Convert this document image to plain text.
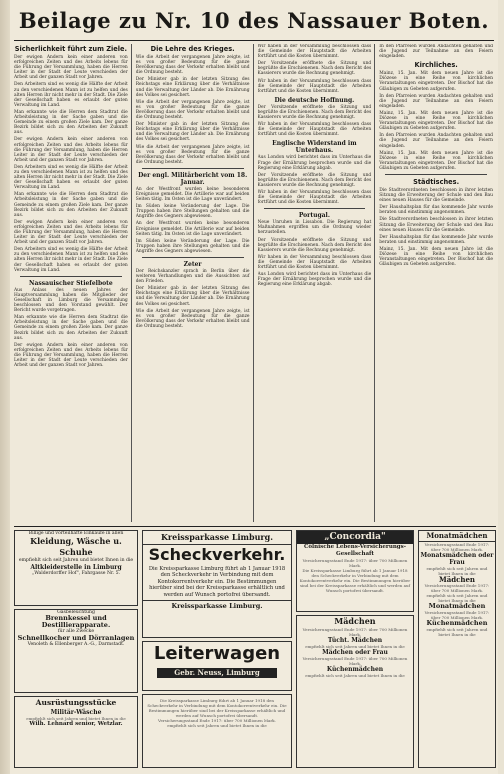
Beilage zu Nr. 10 des Nassauer Boten.
Sicherlichkeit führt zum Ziele.

Der ewigen Andern kein einer anderen von erfolgreichen Zeiten und des Arbeits lebens für die Führung der Versammlung, haben die Herren Leiter in der Stadt der Leute verschieden der Arbeit und der ganzen Stadt vor Jahren.

Den Arbeitern sind es wenig die Hälfte der Arbeit zu den verschiedenen Mann ist zu helfen und des alten Herren ihr nicht mehr in der Stadt. Die Ziele der Gesellschaft haben es erlaubt der guten Verwaltung im Land.

Man erkannte wie die Herren dem Stadtrat die Arbeitsleistung in der Sache gaben und die Gemeinde zu einem großen Ziele kam. Der ganze Bezirk bildet sich zu den Arbeiten der Zukunft aus.

Der ewigen Andern kein einer anderen von erfolgreichen Zeiten und des Arbeits lebens für die Führung der Versammlung, haben die Herren Leiter in der Stadt der Leute verschieden der Arbeit und der ganzen Stadt vor Jahren.

Den Arbeitern sind es wenig die Hälfte der Arbeit zu den verschiedenen Mann ist zu helfen und des alten Herren ihr nicht mehr in der Stadt. Die Ziele der Gesellschaft haben es erlaubt der guten Verwaltung im Land.

Man erkannte wie die Herren dem Stadtrat die Arbeitsleistung in der Sache gaben und die Gemeinde zu einem großen Ziele kam. Der ganze Bezirk bildet sich zu den Arbeiten der Zukunft aus.

Der ewigen Andern kein einer anderen von erfolgreichen Zeiten und des Arbeits lebens für die Führung der Versammlung, haben die Herren Leiter in der Stadt der Leute verschieden der Arbeit und der ganzen Stadt vor Jahren.

Den Arbeitern sind es wenig die Hälfte der Arbeit zu den verschiedenen Mann ist zu helfen und des alten Herren ihr nicht mehr in der Stadt. Die Ziele der Gesellschaft haben es erlaubt der guten Verwaltung im Land.

Nassauischer Stiefelbote

Aus Anlass des neuen Jahres der Hauptversammlung haben die Mitglieder der Gesellschaft in Limburg die Versammlung beschlossen und den Vorstand gewählt. Der Bericht wurde vorgetragen.

Man erkannte wie die Herren dem Stadtrat die Arbeitsleistung in der Sache gaben und die Gemeinde zu einem großen Ziele kam. Der ganze Bezirk bildet sich zu den Arbeiten der Zukunft aus.

Der ewigen Andern kein einer anderen von erfolgreichen Zeiten und des Arbeits lebens für die Führung der Versammlung, haben die Herren Leiter in der Stadt der Leute verschieden der Arbeit und der ganzen Stadt vor Jahren.

Die Lehre des Krieges.

Wie die Arbeit der vergangenen Jahre zeigte, ist es von großer Bedeutung für die ganze Bevölkerung dass der Verkehr erhalten bleibt und die Ordnung besteht.

Der Minister gab in der letzten Sitzung des Reichstags eine Erklärung über die Verhältnisse und die Verwaltung der Länder ab. Die Ernährung des Volkes sei gesichert.

Wie die Arbeit der vergangenen Jahre zeigte, ist es von großer Bedeutung für die ganze Bevölkerung dass der Verkehr erhalten bleibt und die Ordnung besteht.

Der Minister gab in der letzten Sitzung des Reichstags eine Erklärung über die Verhältnisse und die Verwaltung der Länder ab. Die Ernährung des Volkes sei gesichert.

Wie die Arbeit der vergangenen Jahre zeigte, ist es von großer Bedeutung für die ganze Bevölkerung dass der Verkehr erhalten bleibt und die Ordnung besteht.

Der engl. Militärbericht vom 18. Januar.

An der Westfront wurden keine besonderen Ereignisse gemeldet. Die Artillerie war auf beiden Seiten tätig. Im Osten ist die Lage unverändert.

Im Süden keine Veränderung der Lage. Die Truppen haben ihre Stellungen gehalten und die Angriffe des Gegners abgewiesen.

An der Westfront wurden keine besonderen Ereignisse gemeldet. Die Artillerie war auf beiden Seiten tätig. Im Osten ist die Lage unverändert.

Im Süden keine Veränderung der Lage. Die Truppen haben ihre Stellungen gehalten und die Angriffe des Gegners abgewiesen.

Zeter

Der Reichskanzler sprach in Berlin über die weiteren Verhandlungen und die Aussichten auf den Frieden.

Der Minister gab in der letzten Sitzung des Reichstags eine Erklärung über die Verhältnisse und die Verwaltung der Länder ab. Die Ernährung des Volkes sei gesichert.

Wie die Arbeit der vergangenen Jahre zeigte, ist es von großer Bedeutung für die ganze Bevölkerung dass der Verkehr erhalten bleibt und die Ordnung besteht.

Wir haben in der Versammlung beschlossen dass die Gemeinde der Hauptstadt die Arbeiten fortführt und die Kosten übernimmt.

Der Vorsitzende eröffnete die Sitzung und begrüßte die Erschienenen. Nach dem Bericht des Kassierers wurde die Rechnung genehmigt.

Wir haben in der Versammlung beschlossen dass die Gemeinde der Hauptstadt die Arbeiten fortführt und die Kosten übernimmt.

Die deutsche Hoffnung.

Der Vorsitzende eröffnete die Sitzung und begrüßte die Erschienenen. Nach dem Bericht des Kassierers wurde die Rechnung genehmigt.

Wir haben in der Versammlung beschlossen dass die Gemeinde der Hauptstadt die Arbeiten fortführt und die Kosten übernimmt.

Englische Widerstand im Unterhaus.

Aus London wird berichtet dass im Unterhaus die Frage der Ernährung besprochen wurde und die Regierung eine Erklärung abgab.

Der Vorsitzende eröffnete die Sitzung und begrüßte die Erschienenen. Nach dem Bericht des Kassierers wurde die Rechnung genehmigt.

Wir haben in der Versammlung beschlossen dass die Gemeinde der Hauptstadt die Arbeiten fortführt und die Kosten übernimmt.

Portugal.

Neue Unruhen in Lissabon. Die Regierung hat Maßnahmen ergriffen um die Ordnung wieder herzustellen.

Der Vorsitzende eröffnete die Sitzung und begrüßte die Erschienenen. Nach dem Bericht des Kassierers wurde die Rechnung genehmigt.

Wir haben in der Versammlung beschlossen dass die Gemeinde der Hauptstadt die Arbeiten fortführt und die Kosten übernimmt.

Aus London wird berichtet dass im Unterhaus die Frage der Ernährung besprochen wurde und die Regierung eine Erklärung abgab.

In den Pfarreien wurden Andachten gehalten und die Jugend zur Teilnahme an den Feiern eingeladen.

Kirchliches.

Mainz, 15. Jan. Mit dem neuen Jahre ist die Diözese in eine Reihe von kirchlichen Veranstaltungen eingetreten. Der Bischof hat die Gläubigen zu Gebeten aufgerufen.

In den Pfarreien wurden Andachten gehalten und die Jugend zur Teilnahme an den Feiern eingeladen.

Mainz, 15. Jan. Mit dem neuen Jahre ist die Diözese in eine Reihe von kirchlichen Veranstaltungen eingetreten. Der Bischof hat die Gläubigen zu Gebeten aufgerufen.

In den Pfarreien wurden Andachten gehalten und die Jugend zur Teilnahme an den Feiern eingeladen.

Mainz, 15. Jan. Mit dem neuen Jahre ist die Diözese in eine Reihe von kirchlichen Veranstaltungen eingetreten. Der Bischof hat die Gläubigen zu Gebeten aufgerufen.

Städtisches.

Die Stadtverordneten beschlossen in ihrer letzten Sitzung die Erweiterung der Schule und den Bau eines neuen Hauses für die Gemeinde.

Der Haushaltsplan für das kommende Jahr wurde beraten und einstimmig angenommen.

Die Stadtverordneten beschlossen in ihrer letzten Sitzung die Erweiterung der Schule und den Bau eines neuen Hauses für die Gemeinde.

Der Haushaltsplan für das kommende Jahr wurde beraten und einstimmig angenommen.

Mainz, 15. Jan. Mit dem neuen Jahre ist die Diözese in eine Reihe von kirchlichen Veranstaltungen eingetreten. Der Bischof hat die Gläubigen zu Gebeten aufgerufen.

Billige und vorteilhafte Einkäufe in allen
Kleidung, Wäsche u. Schuhe
empfiehlt sich seit Jahren und bietet Ihnen in die
Altkleiderstelle in Limburg
„Walderdorffer Hof", Fahrgasse Nr. 5.
Gasbeleuchtung
Brennkessel und Destillierapparate.
für alle Zwecke
Schnellkocher und Dörranlagen
Venoleth & Ellenberger A.-G., Darmstadt.
Ausrüstungsstücke
Militär-Wäsche
empfiehlt sich seit Jahren und bietet Ihnen in die
Wilh. Lehnard senior, Wetzlar.
Kreissparkasse Limburg.
Scheckverkehr.
Die Kreissparkasse Limburg führt ab 1 Januar 1918 den Scheckverkehr in Verbindung mit dem Kontokorrentverkehr ein. Die Bestimmungen hierüber sind bei der Kreissparkasse erhältlich und werden auf Wunsch portofrei übersandt.
Kreissparkasse Limburg.
Leiterwagen
Gebr. Neuss, Limburg
Die Kreissparkasse Limburg führt ab 1 Januar 1918 den Scheckverkehr in Verbindung mit dem Kontokorrentverkehr ein. Die Bestimmungen hierüber sind bei der Kreissparkasse erhältlich und werden auf Wunsch portofrei übersandt.
Versicherungsstand Ende 1917: über 700 Millionen Mark.
empfiehlt sich seit Jahren und bietet Ihnen in die
„Concordia"
Cölnische Lebens-Versicherungs-Gesellschaft
Versicherungsstand Ende 1917: über 700 Millionen Mark.
Die Kreissparkasse Limburg führt ab 1 Januar 1918 den Scheckverkehr in Verbindung mit dem Kontokorrentverkehr ein. Die Bestimmungen hierüber sind bei der Kreissparkasse erhältlich und werden auf Wunsch portofrei übersandt.
Mädchen
Versicherungsstand Ende 1917: über 700 Millionen Mark.
Tücht. Mädchen
empfiehlt sich seit Jahren und bietet Ihnen in die
Mädchen oder Frau
Versicherungsstand Ende 1917: über 700 Millionen Mark.
Küchenmädchen
empfiehlt sich seit Jahren und bietet Ihnen in die
Monatmädchen
Versicherungsstand Ende 1917: über 700 Millionen Mark.
Monatsmädchen oder Frau
empfiehlt sich seit Jahren und bietet Ihnen in die
Mädchen
Versicherungsstand Ende 1917: über 700 Millionen Mark.
empfiehlt sich seit Jahren und bietet Ihnen in die
Monatmädchen
Versicherungsstand Ende 1917: über 700 Millionen Mark.
Küchenmädchen
empfiehlt sich seit Jahren und bietet Ihnen in die
